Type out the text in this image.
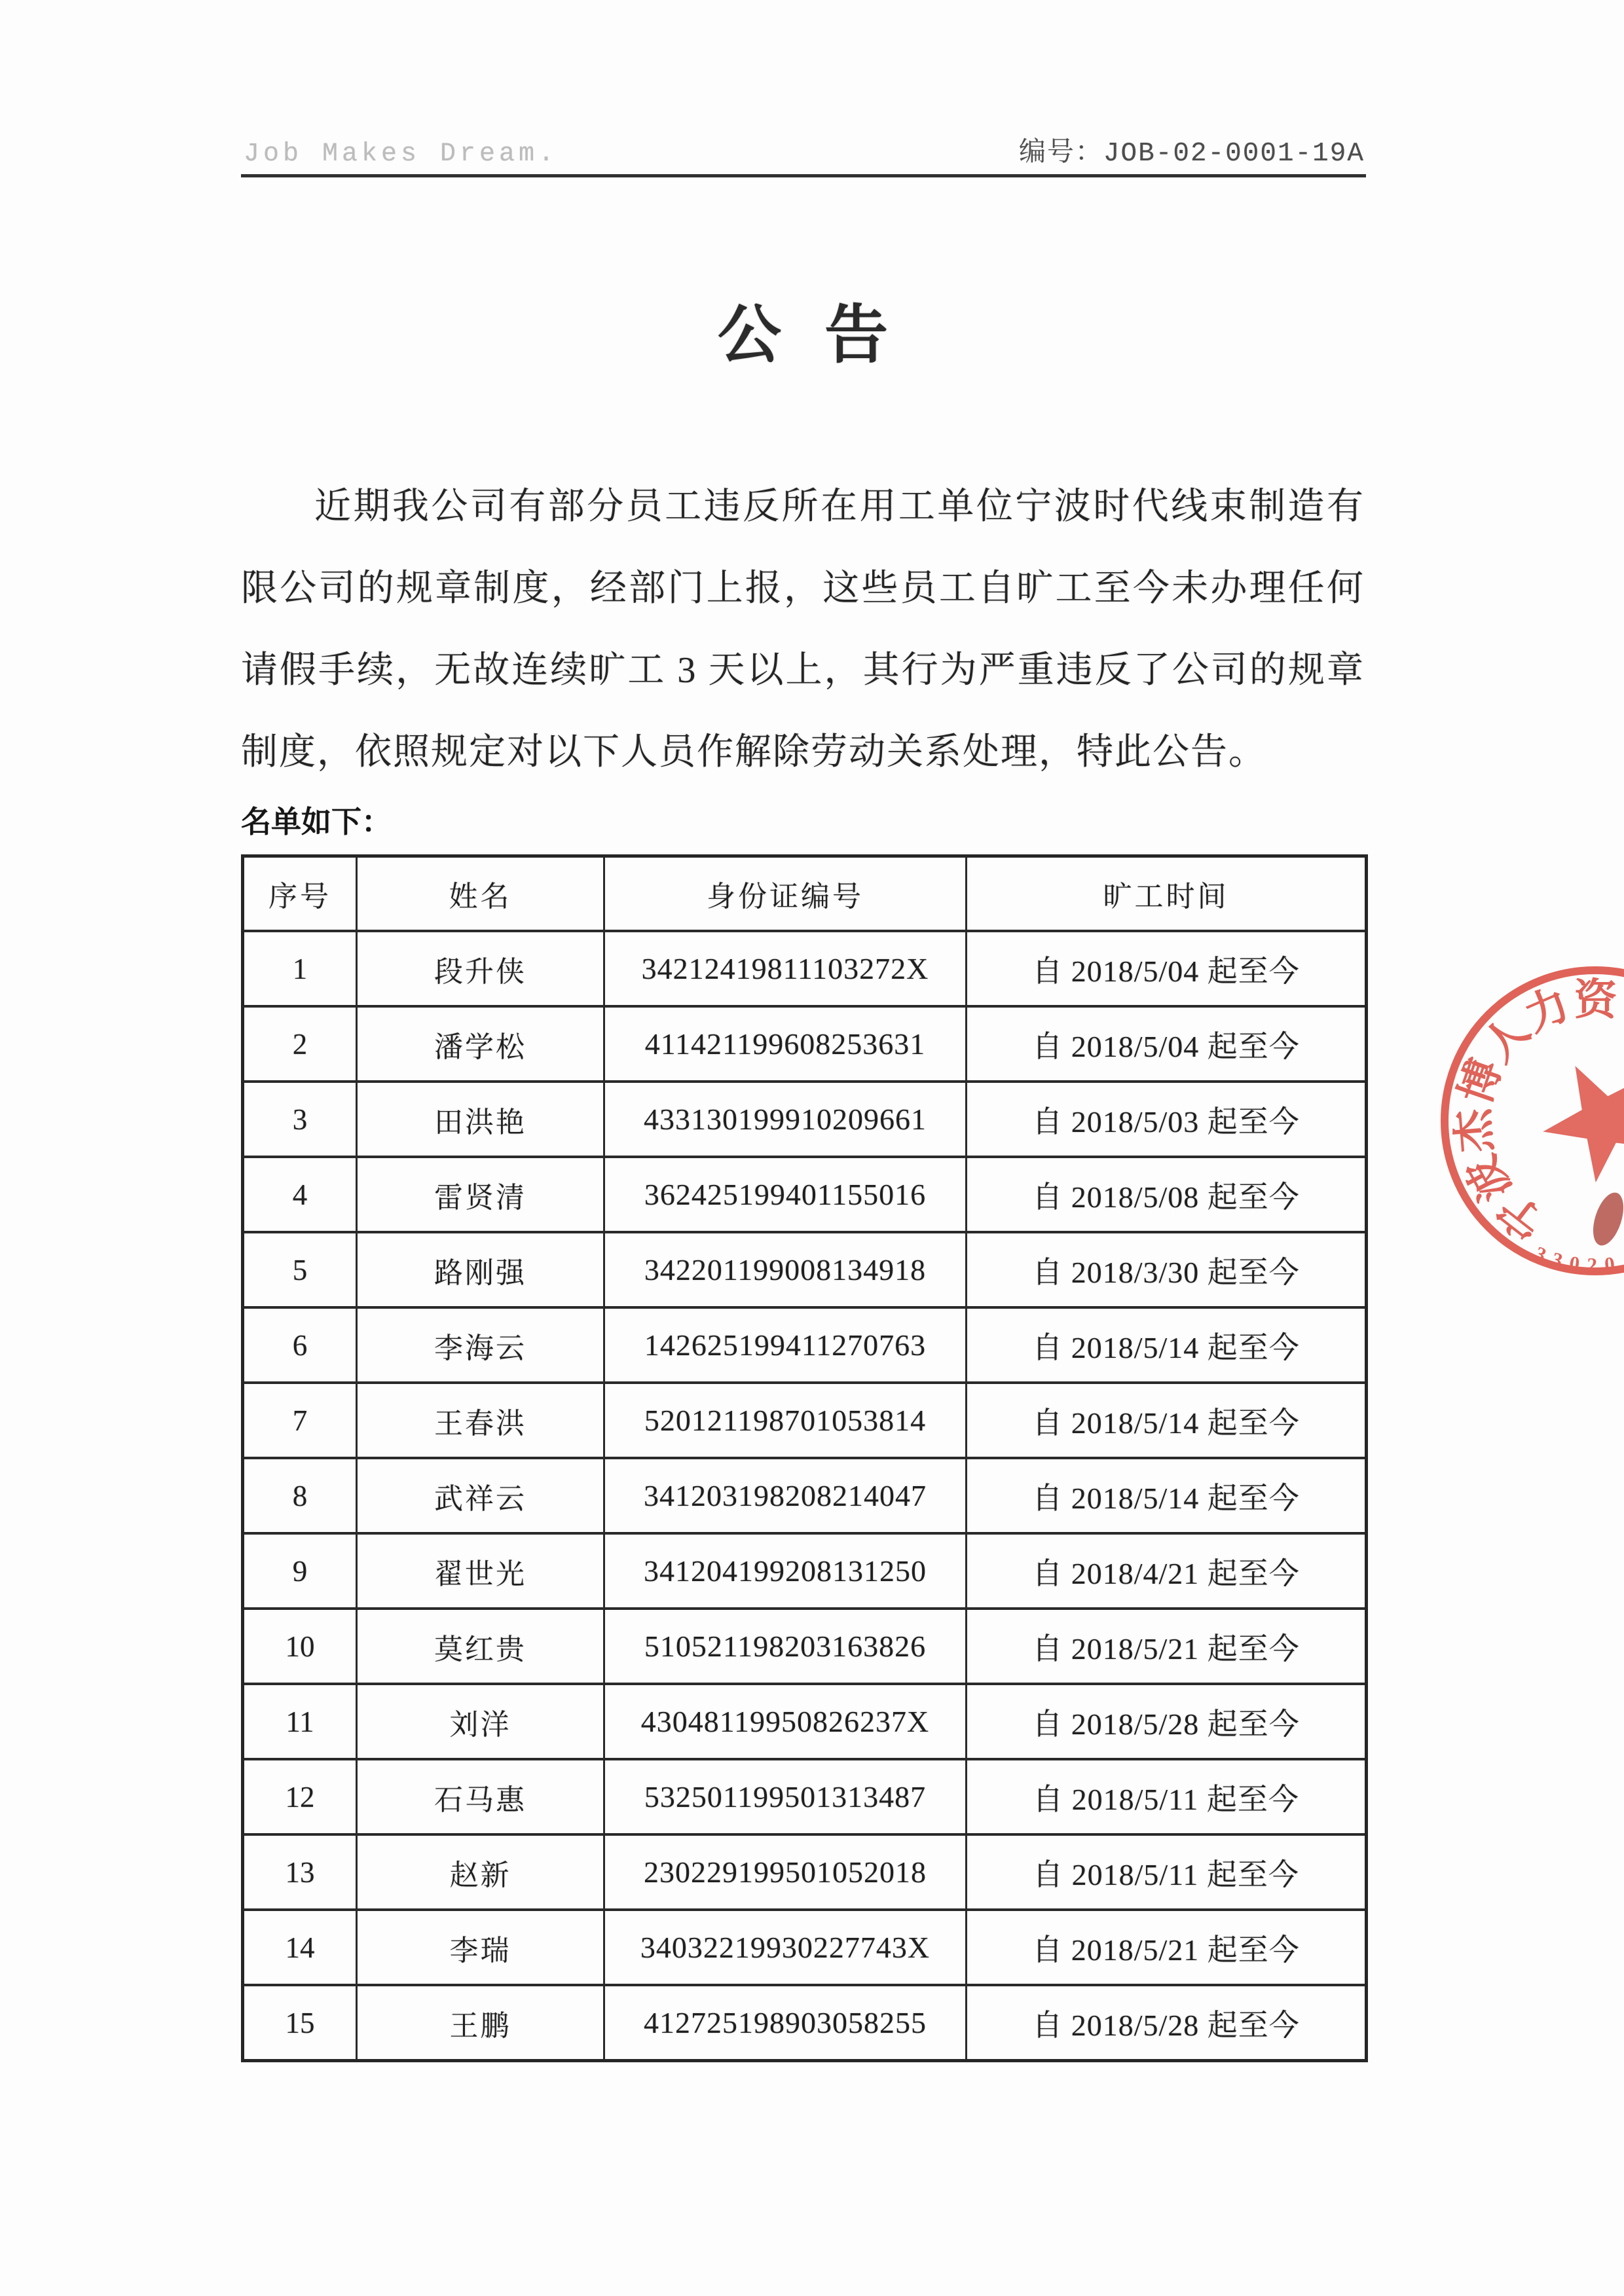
Job Makes Dream.	编号：JOB-02-0001-19A
公 告
近期我公司有部分员工违反所在用工单位宁波时代线束制造有限公司的规章制度，经部门上报，这些员工自旷工至今未办理任何请假手续，无故连续旷工 3 天以上，其行为严重违反了公司的规章制度，依照规定对以下人员作解除劳动关系处理，特此公告。
名单如下：
序号	姓名	身份证编号	旷工时间
1	段升侠	34212419811103272X	自 2018/5/04 起至今
2	潘学松	411421199608253631	自 2018/5/04 起至今
3	田洪艳	433130199910209661	自 2018/5/03 起至今
4	雷贤清	362425199401155016	自 2018/5/08 起至今
5	路刚强	342201199008134918	自 2018/3/30 起至今
6	李海云	142625199411270763	自 2018/5/14 起至今
7	王春洪	520121198701053814	自 2018/5/14 起至今
8	武祥云	341203198208214047	自 2018/5/14 起至今
9	翟世光	341204199208131250	自 2018/4/21 起至今
10	莫红贵	510521198203163826	自 2018/5/21 起至今
11	刘洋	43048119950826237X	自 2018/5/28 起至今
12	石马惠	532501199501313487	自 2018/5/11 起至今
13	赵新	230229199501052018	自 2018/5/11 起至今
14	李瑞	34032219930227743X	自 2018/5/21 起至今
15	王鹏	412725198903058255	自 2018/5/28 起至今
宁
波
杰
博
人
力
资
3
3 0 2 0
